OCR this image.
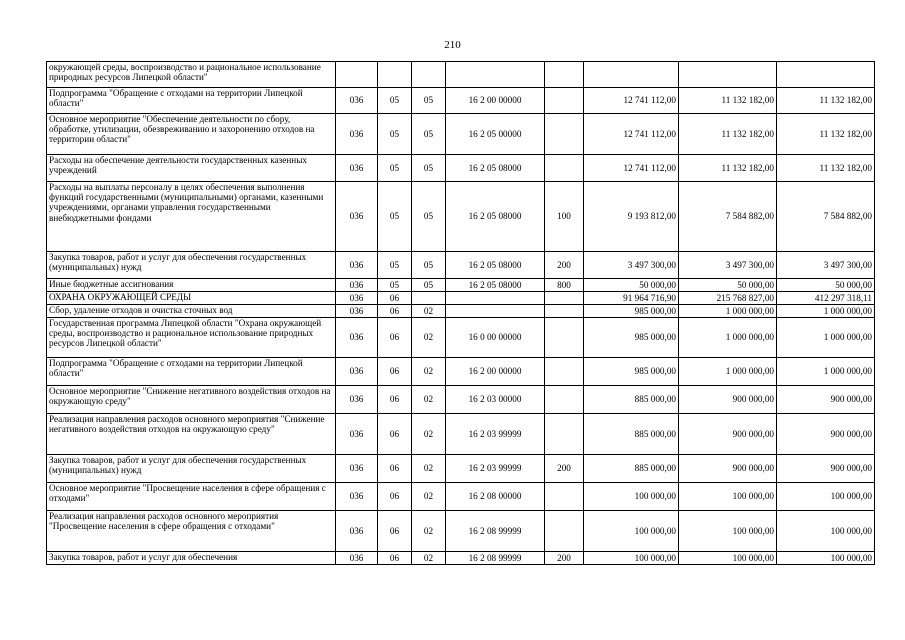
210
окружающей среды, воспроизводство и рациональное использование природных ресурсов Липецкой области"								
Подпрограмма "Обращение с отходами на территории Липецкой области"	036	05	05	16 2 00 00000		12 741 112,00	11 132 182,00	11 132 182,00
Основное мероприятие "Обеспечение деятельности по сбору, обработке, утилизации, обезвреживанию и захоронению отходов на территории области"	036	05	05	16 2 05 00000		12 741 112,00	11 132 182,00	11 132 182,00
Расходы на обеспечение деятельности государственных казенных учреждений	036	05	05	16 2 05 08000		12 741 112,00	11 132 182,00	11 132 182,00
Расходы на выплаты персоналу в целях обеспечения выполнения функций государственными (муниципальными) органами, казенными учреждениями, органами управления государственными внебюджетными фондами	036	05	05	16 2 05 08000	100	9 193 812,00	7 584 882,00	7 584 882,00
Закупка товаров, работ и услуг для обеспечения государственных (муниципальных) нужд	036	05	05	16 2 05 08000	200	3 497 300,00	3 497 300,00	3 497 300,00
Иные бюджетные ассигнования	036	05	05	16 2 05 08000	800	50 000,00	50 000,00	50 000,00
ОХРАНА ОКРУЖАЮЩЕЙ СРЕДЫ	036	06				91 964 716,90	215 768 827,00	412 297 318,11
Сбор, удаление отходов и очистка сточных вод	036	06	02			985 000,00	1 000 000,00	1 000 000,00
Государственная программа Липецкой области "Охрана окружающей среды, воспроизводство и рациональное использование природных ресурсов Липецкой области"	036	06	02	16 0 00 00000		985 000,00	1 000 000,00	1 000 000,00
Подпрограмма "Обращение с отходами на территории Липецкой области"	036	06	02	16 2 00 00000		985 000,00	1 000 000,00	1 000 000,00
Основное мероприятие "Снижение негативного воздействия отходов на окружающую среду"	036	06	02	16 2 03 00000		885 000,00	900 000,00	900 000,00
Реализация направления расходов основного мероприятия "Снижение негативного воздействия отходов на окружающую среду"	036	06	02	16 2 03 99999		885 000,00	900 000,00	900 000,00
Закупка товаров, работ и услуг для обеспечения государственных (муниципальных) нужд	036	06	02	16 2 03 99999	200	885 000,00	900 000,00	900 000,00
Основное мероприятие "Просвещение населения в сфере обращения с отходами"	036	06	02	16 2 08 00000		100 000,00	100 000,00	100 000,00
Реализация направления расходов основного мероприятия "Просвещение населения в сфере обращения с отходами"	036	06	02	16 2 08 99999		100 000,00	100 000,00	100 000,00
Закупка товаров, работ и услуг для обеспечения	036	06	02	16 2 08 99999	200	100 000,00	100 000,00	100 000,00
